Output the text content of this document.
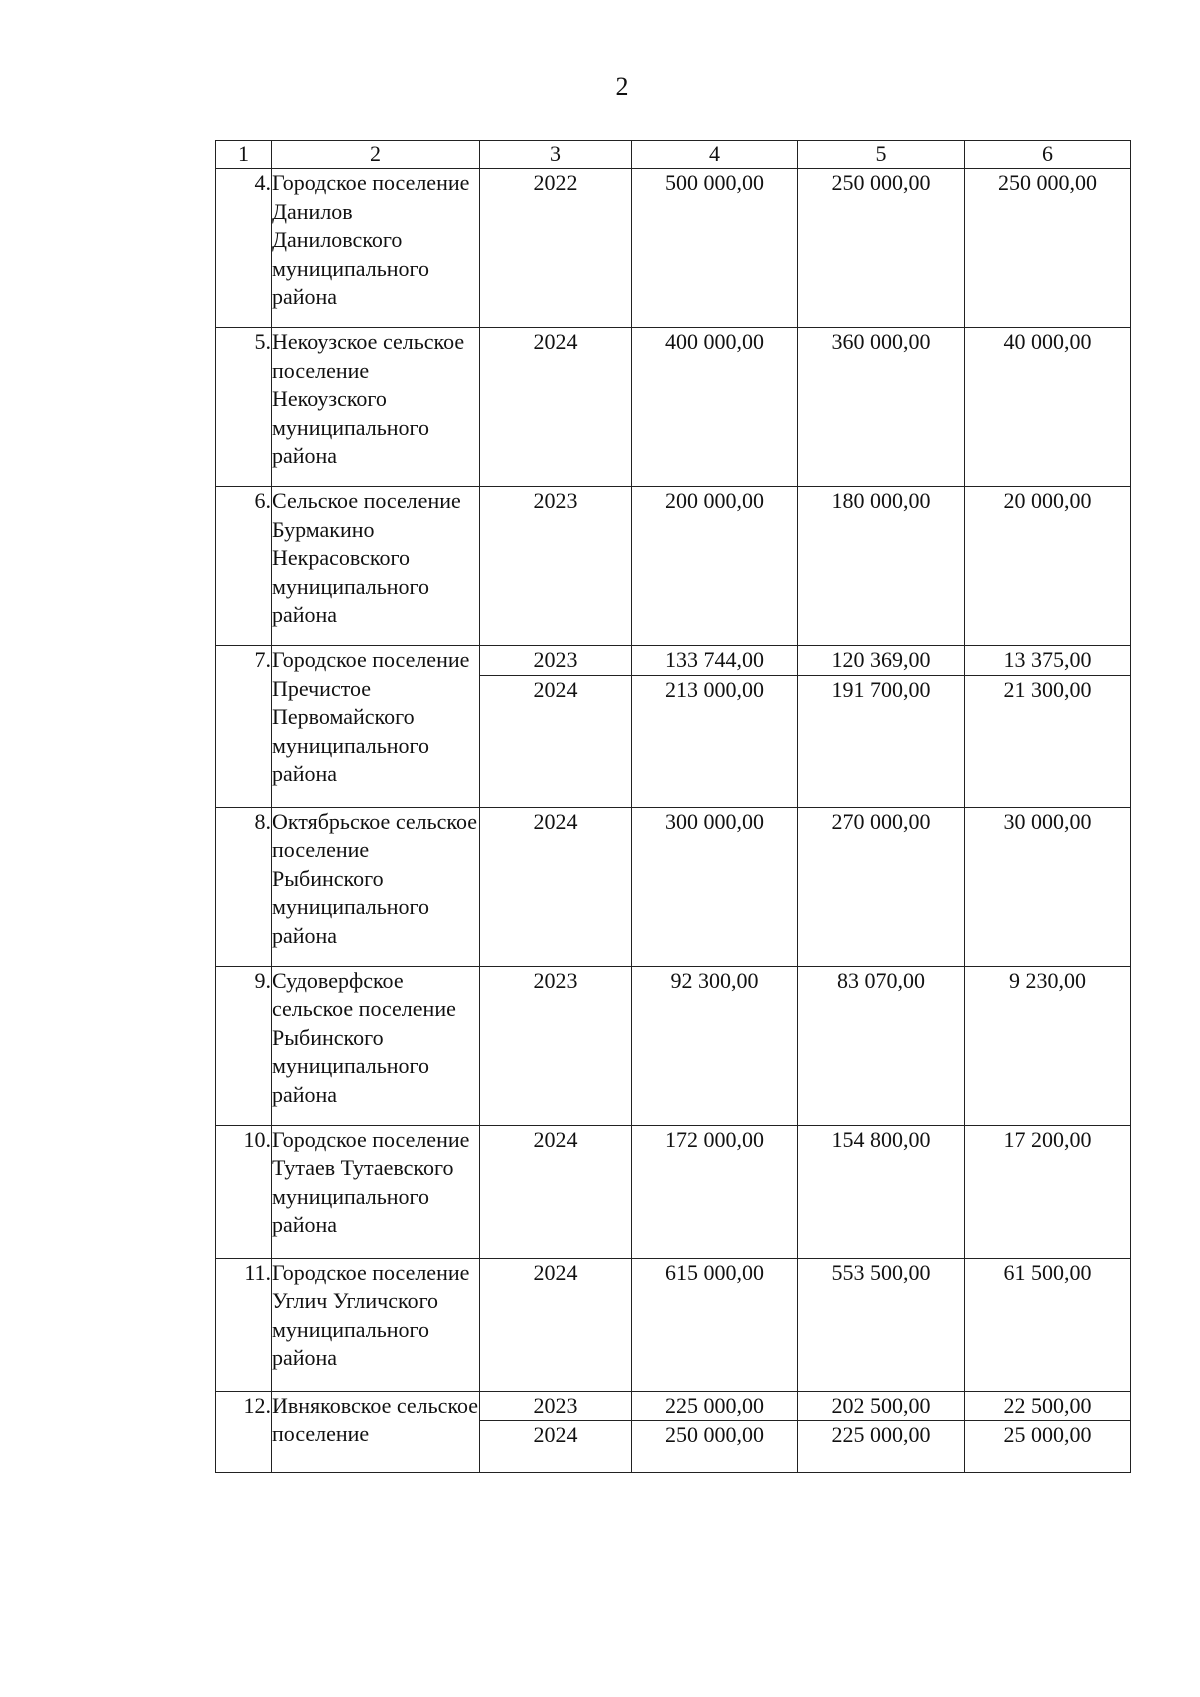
2
1	2	3	4	5	6
4.	Городское поселение Данилов Даниловского муниципального района	2022	500 000,00	250 000,00	250 000,00
5.	Некоузское сельское поселение Некоузского муниципального района	2024	400 000,00	360 000,00	40 000,00
6.	Сельское поселение Бурмакино Некрасовского муниципального района	2023	200 000,00	180 000,00	20 000,00
7.	Городское поселение Пречистое Первомайского муниципального района	2023	133 744,00	120 369,00	13 375,00
		2024	213 000,00	191 700,00	21 300,00
8.	Октябрьское сельское поселение Рыбинского муниципального района	2024	300 000,00	270 000,00	30 000,00
9.	Судоверфское сельское поселение Рыбинского муниципального района	2023	92 300,00	83 070,00	9 230,00
10.	Городское поселение Тутаев Тутаевского муниципального района	2024	172 000,00	154 800,00	17 200,00
11.	Городское поселение Углич Угличского муниципального района	2024	615 000,00	553 500,00	61 500,00
12.	Ивняковское сельское поселение	2023	225 000,00	202 500,00	22 500,00
		2024	250 000,00	225 000,00	25 000,00
